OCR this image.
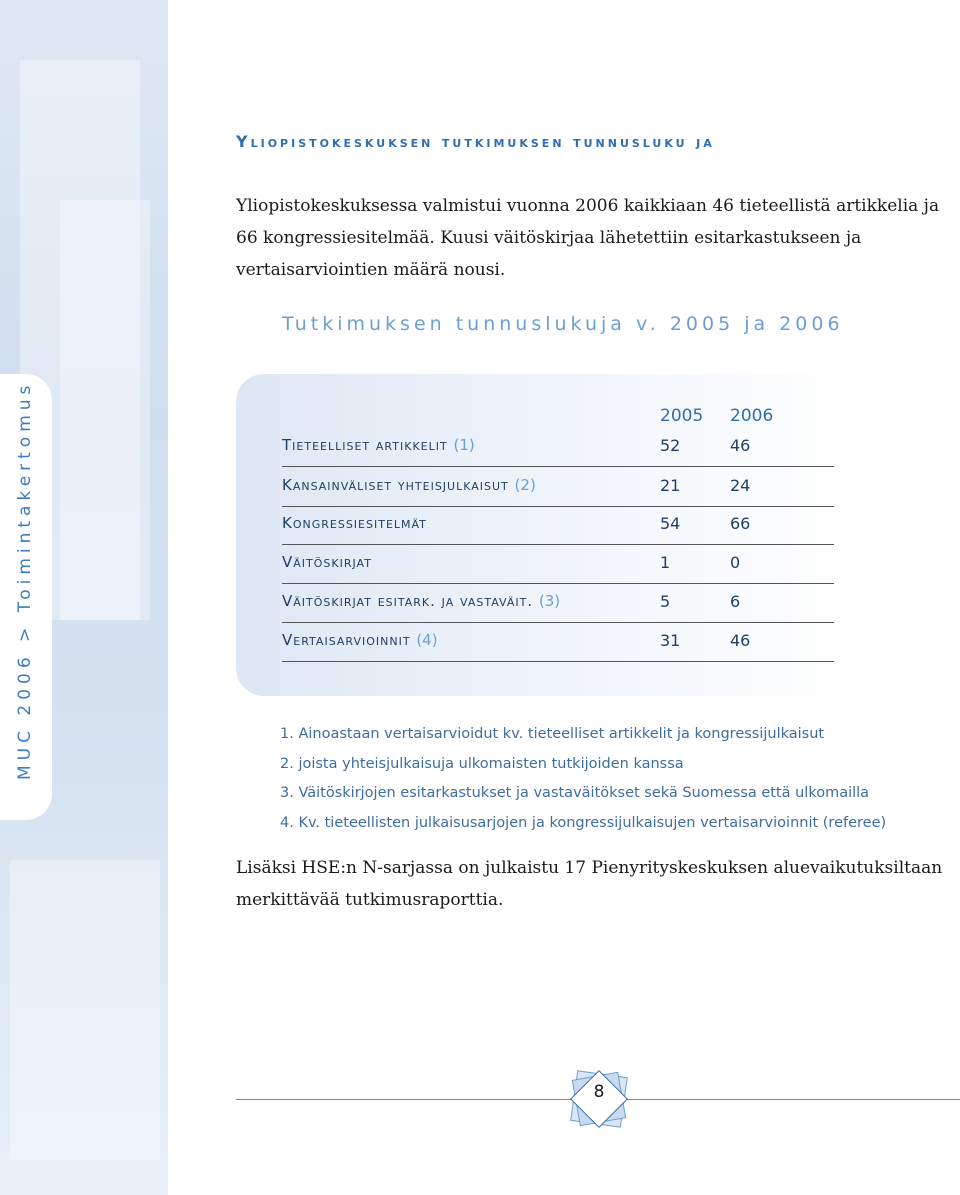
MUC 2006 > Toimintakertomus
Yliopistokeskuksen tutkimuksen tunnusluku ja
Yliopistokeskuksessa valmistui vuonna 2006 kaikkiaan 46 tieteellistä artikkelia ja 66 kongressiesitelmää. Kuusi väitöskirjaa lähetettiin esitarkastukseen ja vertaisarviointien määrä nousi.
Tutkimuksen tunnuslukuja v. 2005 ja 2006
2005 2006
Tieteelliset artikkelit (1)	52	46
Kansainväliset yhteisjulkaisut (2)	21	24
Kongressiesitelmät	54	66
Väitöskirjat	1	0
Väitöskirjat esitark. ja vastaväit. (3)	5	6
Vertaisarvioinnit (4)	31	46
1. Ainoastaan vertaisarvioidut kv. tieteelliset artikkelit ja kongressijulkaisut
2. joista yhteisjulkaisuja ulkomaisten tutkijoiden kanssa
3. Väitöskirjojen esitarkastukset ja vastaväitökset sekä Suomessa että ulkomailla
4. Kv. tieteellisten julkaisusarjojen ja kongressijulkaisujen vertaisarvioinnit (referee)
Lisäksi HSE:n N-sarjassa on julkaistu 17 Pienyrityskeskuksen aluevaikutuksiltaan merkittävää tutkimusraporttia.
8
